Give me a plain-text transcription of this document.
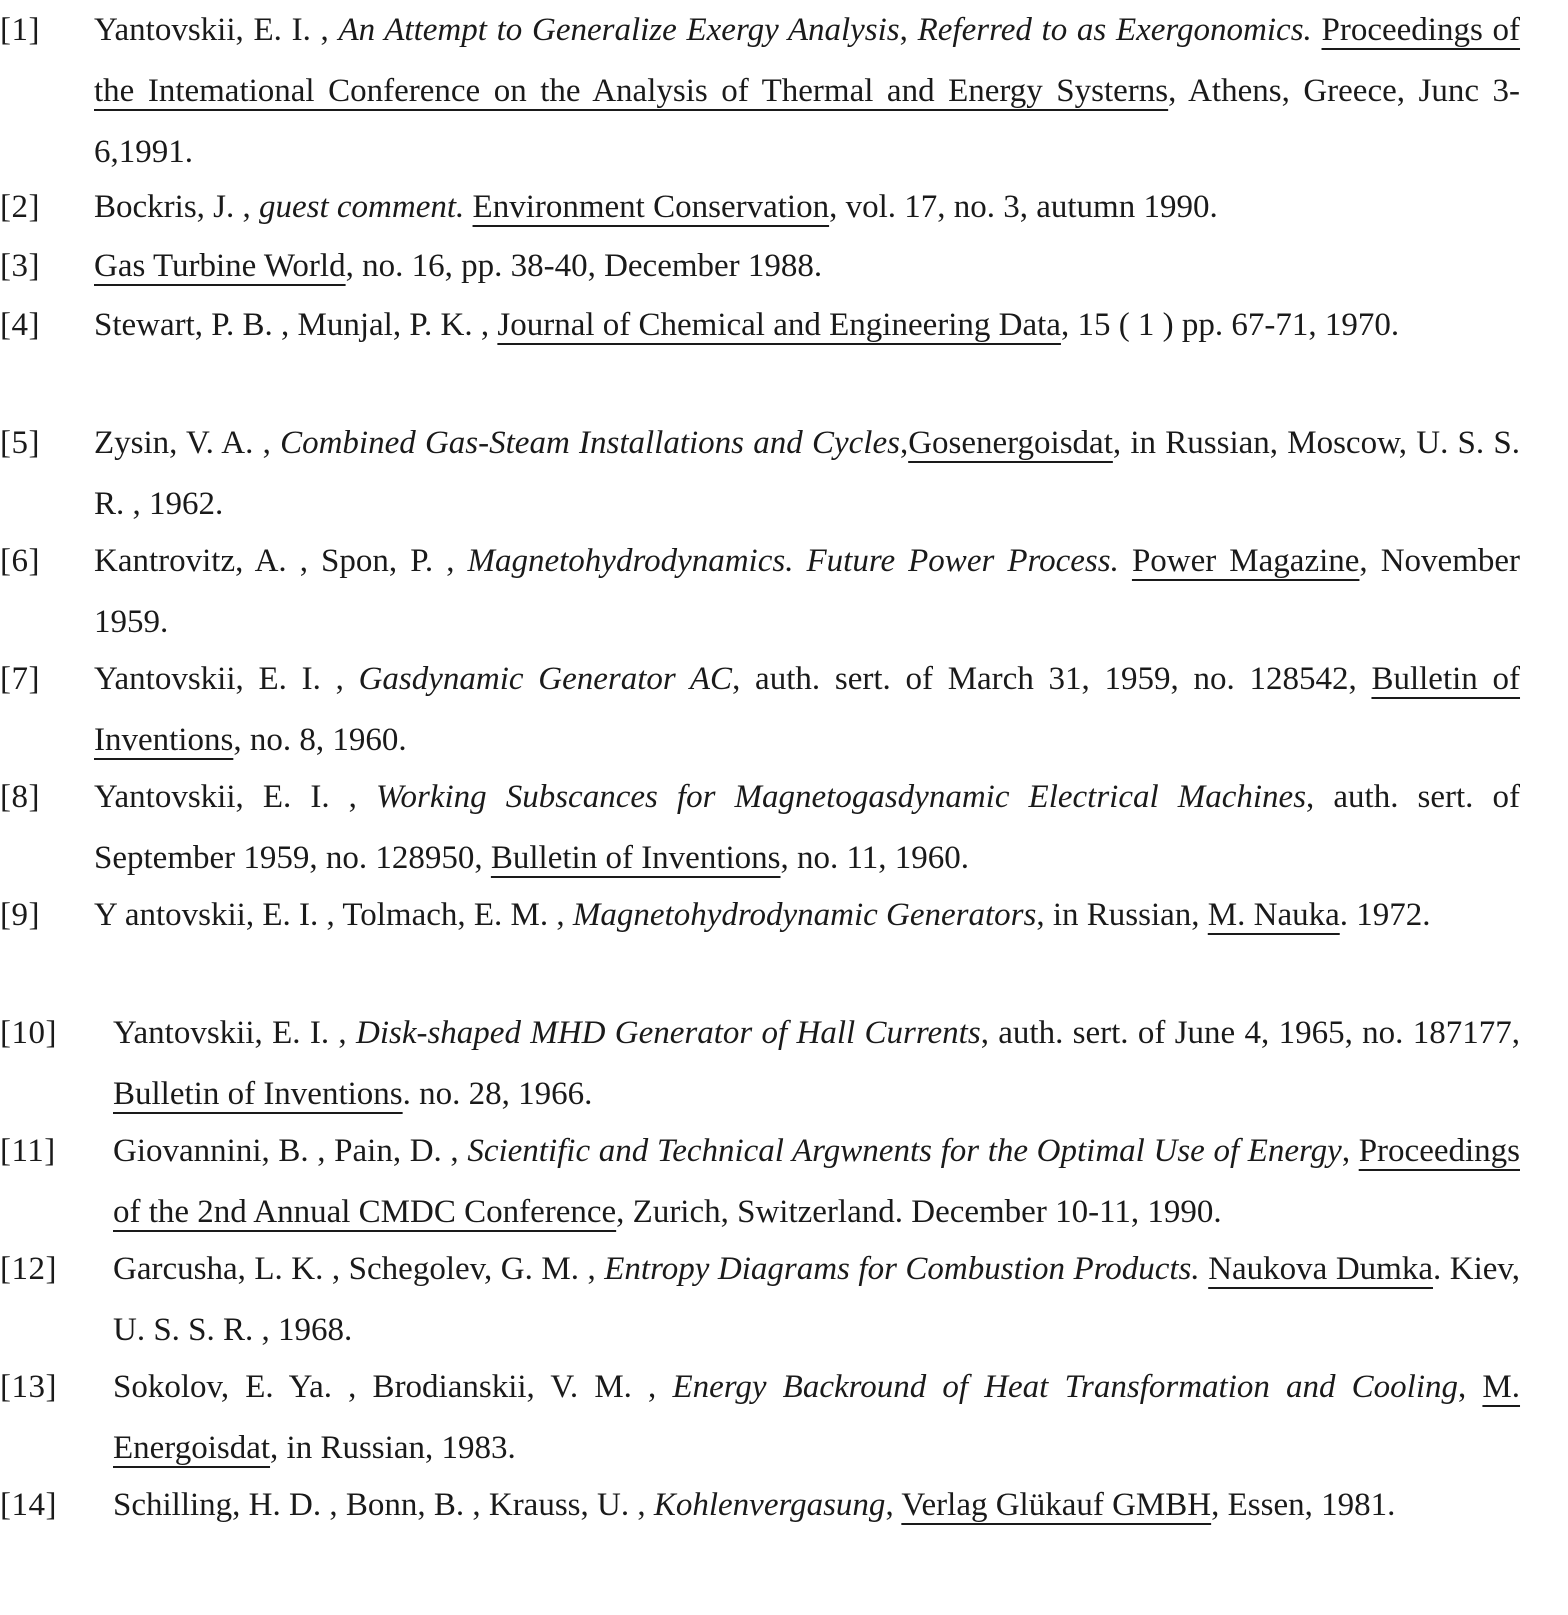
[1] Yantovskii, E. I. , An Attempt to Generalize Exergy Analysis, Referred to as Exergonomics. Proceedings of the Intemational Conference on the Analysis of Thermal and Energy Systerns, Athens, Greece, Junc 3-6,1991.
[2] Bockris, J. , guest comment. Environment Conservation, vol. 17, no. 3, autumn 1990.
[3] Gas Turbine World, no. 16, pp. 38-40, December 1988.
[4] Stewart, P. B. , Munjal, P. K. , Journal of Chemical and Engineering Data, 15 ( 1 ) pp. 67-71, 1970.
[5] Zysin, V. A. , Combined Gas-Steam Installations and Cycles,Gosenergoisdat, in Russian, Moscow, U. S. S. R. , 1962.
[6] Kantrovitz, A. , Spon, P. , Magnetohydrodynamics. Future Power Process. Power Magazine, November 1959.
[7] Yantovskii, E. I. , Gasdynamic Generator AC, auth. sert. of March 31, 1959, no. 128542, Bulletin of Inventions, no. 8, 1960.
[8] Yantovskii, E. I. , Working Subscances for Magnetogasdynamic Electrical Machines, auth. sert. of September 1959, no. 128950, Bulletin of Inventions, no. 11, 1960.
[9] Y antovskii, E. I. , Tolmach, E. M. , Magnetohydrodynamic Generators, in Russian, M. Nauka. 1972.
[10] Yantovskii, E. I. , Disk-shaped MHD Generator of Hall Currents, auth. sert. of June 4, 1965, no. 187177, Bulletin of Inventions. no. 28, 1966.
[11] Giovannini, B. , Pain, D. , Scientific and Technical Argwnents for the Optimal Use of Energy, Proceedings of the 2nd Annual CMDC Conference, Zurich, Switzerland. December 10-11, 1990.
[12] Garcusha, L. K. , Schegolev, G. M. , Entropy Diagrams for Combustion Products. Naukova Dumka. Kiev, U. S. S. R. , 1968.
[13] Sokolov, E. Ya. , Brodianskii, V. M. , Energy Backround of Heat Transformation and Cooling, M. Energoisdat, in Russian, 1983.
[14] Schilling, H. D. , Bonn, B. , Krauss, U. , Kohlenvergasung, Verlag Glükauf GMBH, Essen, 1981.
